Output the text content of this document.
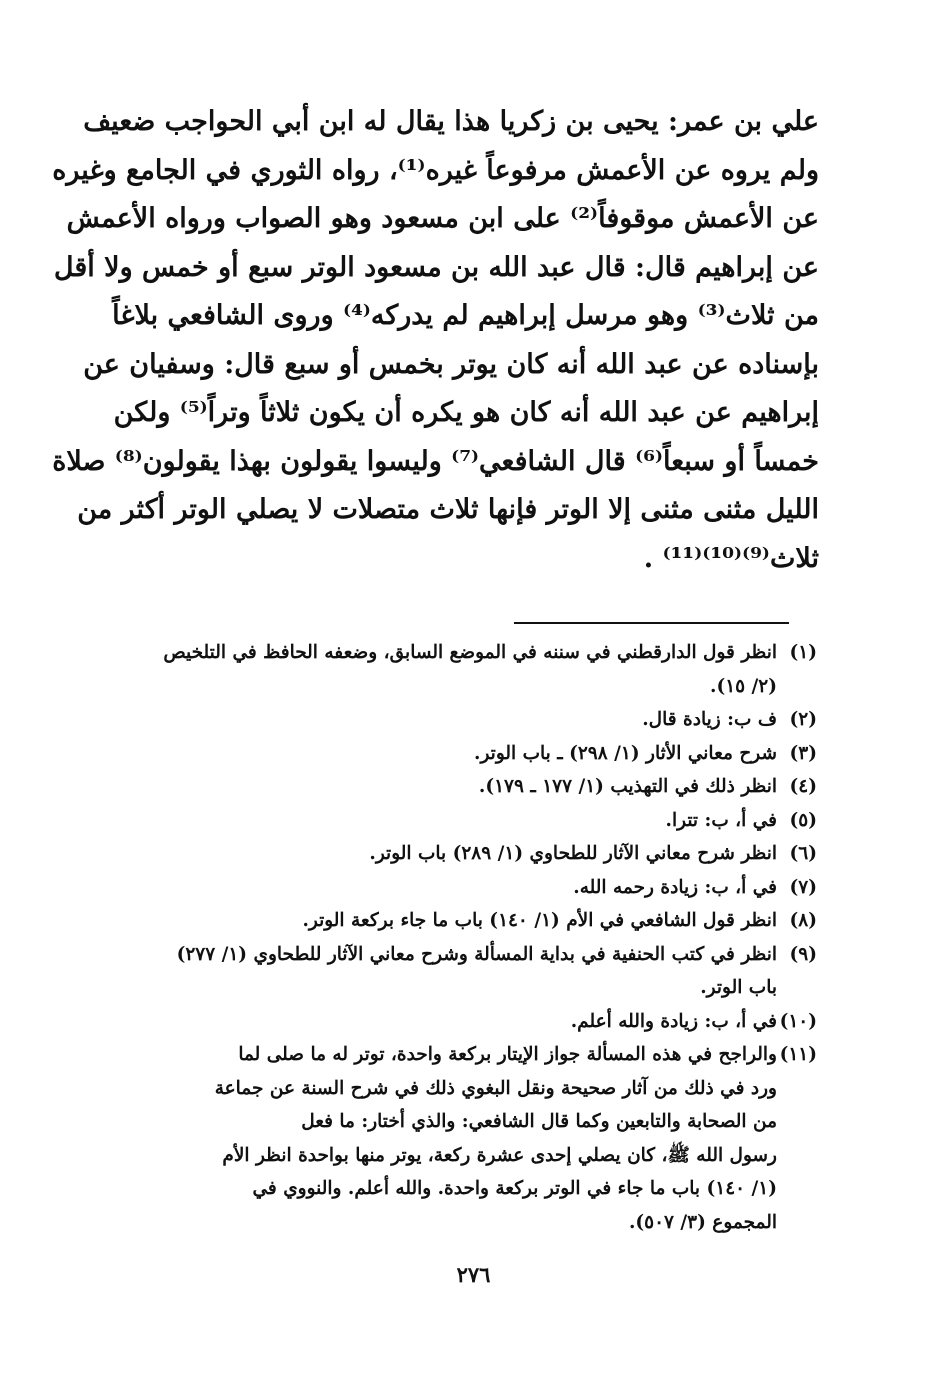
علي بن عمر: يحيى بن زكريا هذا يقال له ابن أبي الحواجب ضعيف
ولم يروه عن الأعمش مرفوعاً غيره⁽¹⁾، رواه الثوري في الجامع وغيره
عن الأعمش موقوفاً⁽²⁾ على ابن مسعود وهو الصواب ورواه الأعمش
عن إبراهيم قال: قال عبد الله بن مسعود الوتر سبع أو خمس ولا أقل
من ثلاث⁽³⁾ وهو مرسل إبراهيم لم يدركه⁽⁴⁾ وروى الشافعي بلاغاً
بإسناده عن عبد الله أنه كان يوتر بخمس أو سبع قال: وسفيان عن
إبراهيم عن عبد الله أنه كان هو يكره أن يكون ثلاثاً وتراً⁽⁵⁾ ولكن
خمساً أو سبعاً⁽⁶⁾ قال الشافعي⁽⁷⁾ وليسوا يقولون بهذا يقولون⁽⁸⁾ صلاة
الليل مثنى مثنى إلا الوتر فإنها ثلاث متصلات لا يصلي الوتر أكثر من
ثلاث⁽⁹⁾⁽¹⁰⁾⁽¹¹⁾ .
(١)
انظر قول الدارقطني في سننه في الموضع السابق، وضعفه الحافظ في التلخيص
(٢/ ١٥).
(٢)
ف ب: زيادة قال.
(٣)
شرح معاني الأثار (١/ ٢٩٨) ـ باب الوتر.
(٤)
انظر ذلك في التهذيب (١/ ١٧٧ ـ ١٧٩).
(٥)
في أ، ب: تترا.
(٦)
انظر شرح معاني الآثار للطحاوي (١/ ٢٨٩) باب الوتر.
(٧)
في أ، ب: زيادة رحمه الله.
(٨)
انظر قول الشافعي في الأم (١/ ١٤٠) باب ما جاء بركعة الوتر.
(٩)
انظر في كتب الحنفية في بداية المسألة وشرح معاني الآثار للطحاوي (١/ ٢٧٧)
باب الوتر.
(١٠)
في أ، ب: زيادة والله أعلم.
(١١)
والراجح في هذه المسألة جواز الإيتار بركعة واحدة، توتر له ما صلى لما
ورد في ذلك من آثار صحيحة ونقل البغوي ذلك في شرح السنة عن جماعة
من الصحابة والتابعين وكما قال الشافعي: والذي أختار: ما فعل
رسول الله ﷺ، كان يصلي إحدى عشرة ركعة، يوتر منها بواحدة انظر الأم
(١/ ١٤٠) باب ما جاء في الوتر بركعة واحدة. والله أعلم. والنووي في
المجموع (٣/ ٥٠٧).
٢٧٦
